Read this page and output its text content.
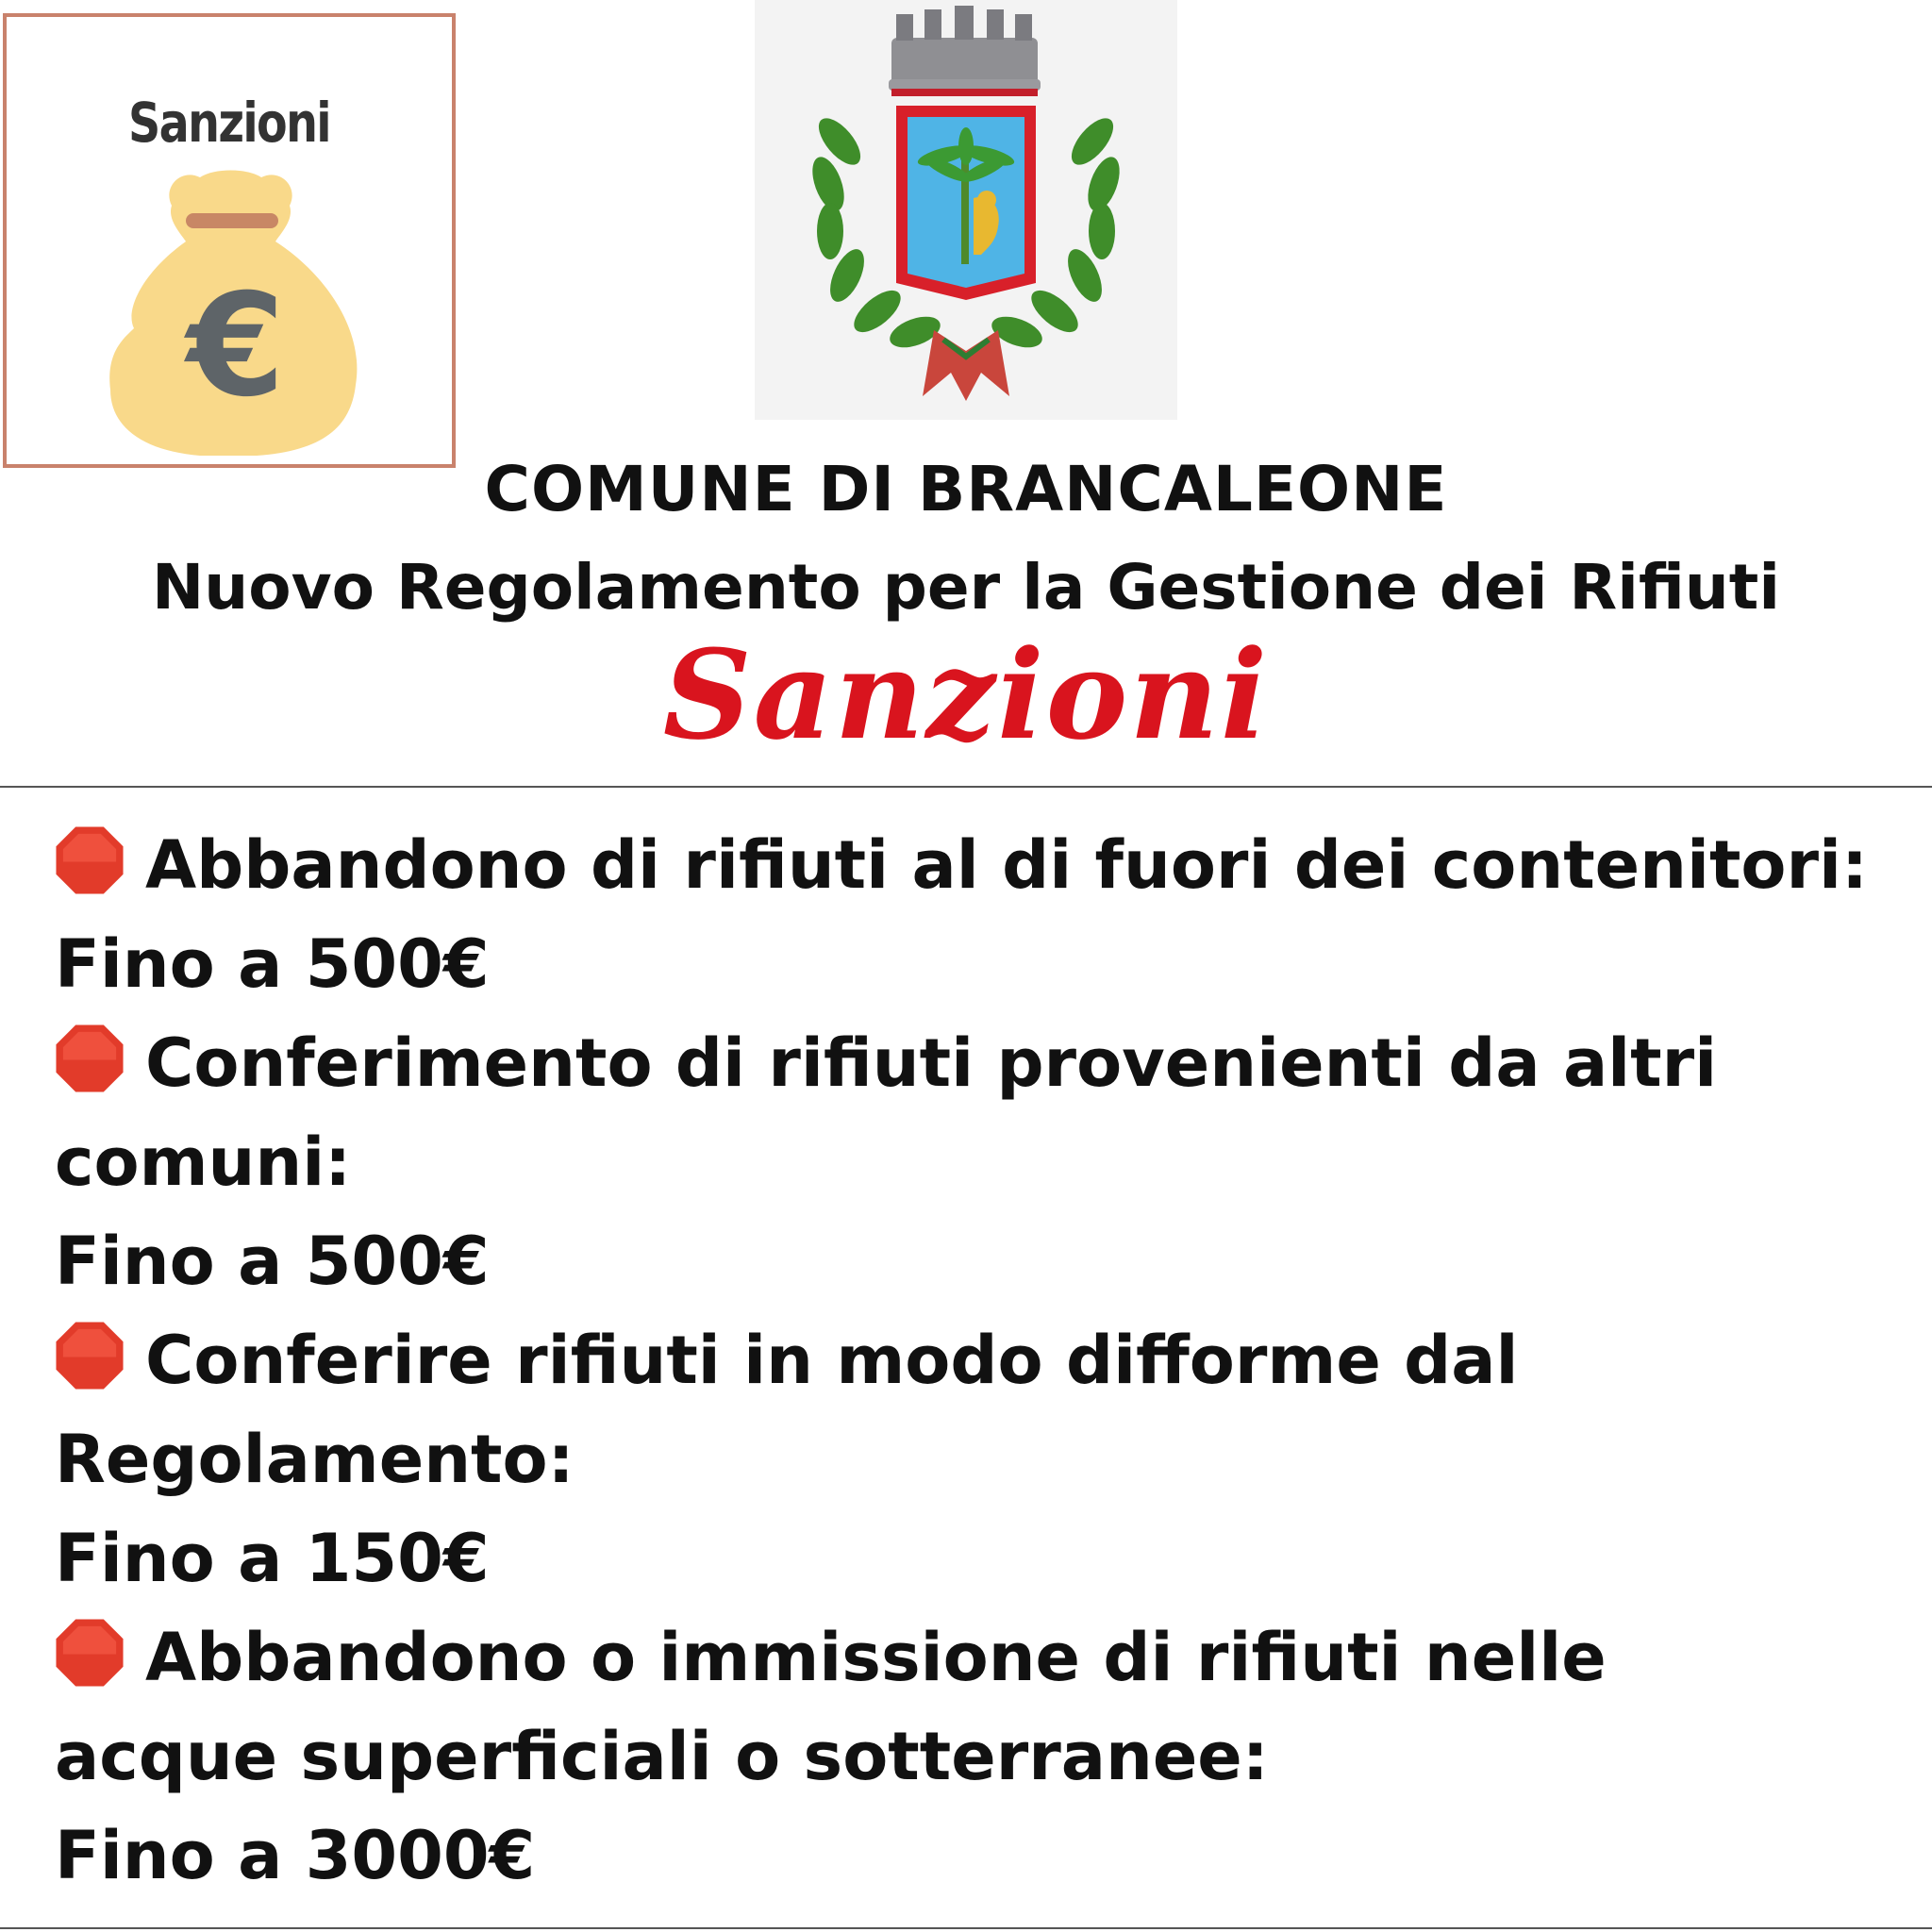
Sanzioni
€
COMUNE DI BRANCALEONE
Nuovo Regolamento per la Gestione dei Rifiuti
Sanzioni
Abbandono di rifiuti al di fuori dei contenitori:
Fino a 500€
Conferimento di rifiuti provenienti da altri
comuni:
Fino a 500€
Conferire rifiuti in modo difforme dal
Regolamento:
Fino a 150€
Abbandono o immissione di rifiuti nelle
acque superficiali o sotterranee:
Fino a 3000€
